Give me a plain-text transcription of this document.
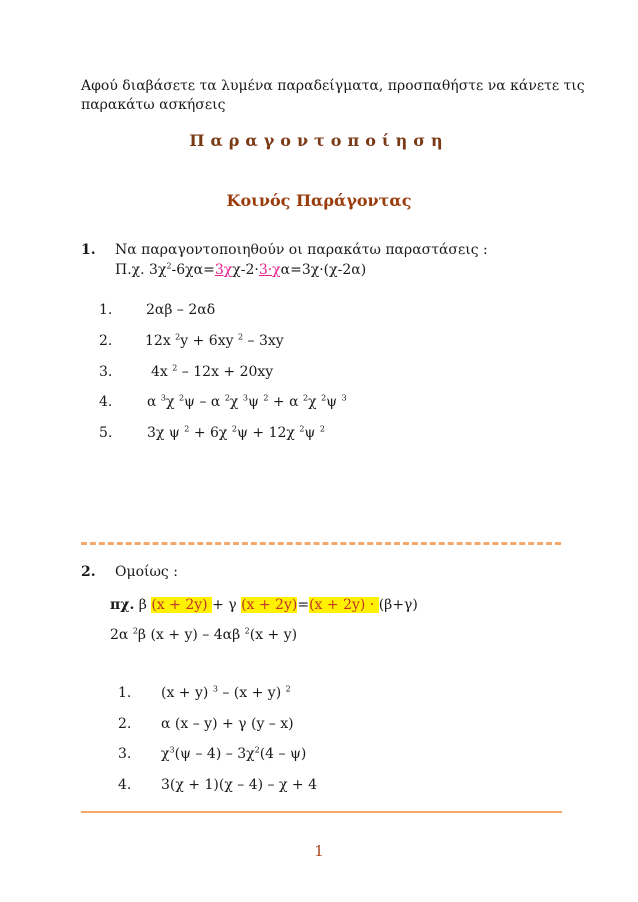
Αφού διαβάσετε τα λυμένα παραδείγματα, προσπαθήστε να κάνετε τις
παρακάτω ασκήσεις
Παραγοντοποίηση
Κοινός Παράγοντας
1. Να παραγοντοποιηθούν οι παρακάτω παραστάσεις :
Π.χ. $3\chi^2-6\chi\alpha=3\chi\chi-2\cdot 3\cdot\chi\alpha=3\chi\cdot(\chi-2\alpha)$
1. 2αβ – 2αδ
2. 12x $^2$y + 6xy $^2$ – 3xy
3.	4x $^2$ – 12x + 20xy
4. α $^3$χ $^2$ψ – α $^2$χ $^3$ψ $^2$ + α $^2$χ $^2$ψ $^3$
5. 3χ ψ $^2$ + 6χ $^2$ψ + 12χ $^2$ψ $^2$
2. Ομοίως :
πχ. β (x + 2y) + γ (x + 2y)=(x + 2y) · (β+γ)
2α $^2$β (x + y) – 4αβ $^2$(x + y)
1. (x + y) $^3$ – (x + y) $^2$
2. α (x – y) + γ (y – x)
3. $\chi^3(\psi - 4) - 3\chi^2(4 - \psi)$
4. 3(χ + 1)(χ – 4) – χ + 4
1
